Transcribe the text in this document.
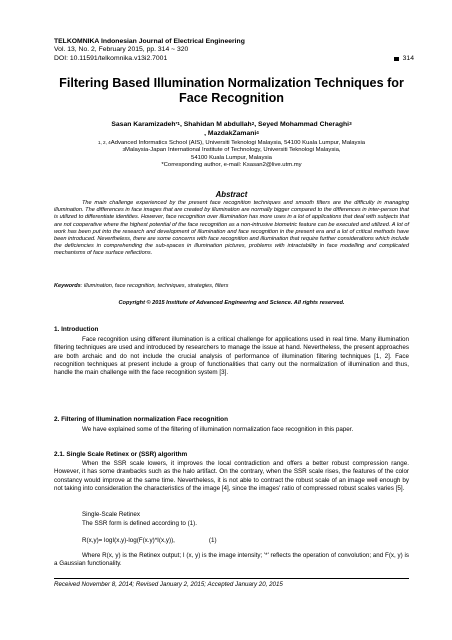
TELKOMNIKA Indonesian Journal of Electrical Engineering
Vol. 13, No. 2, February 2015, pp. 314 ~ 320
DOI: 10.11591/telkomnika.v13i2.7001	314
Filtering Based Illumination Normalization Techniques for Face Recognition
Sasan Karamizadeh$^{*1}$, Shahidan M abdullah$^2$, Seyed Mohammad Cheraghi$^3$
, MazdakZamani$^4$
$^{1, 2, 4}$Advanced Informatics School (AIS), Universiti Teknologi Malaysia, 54100 Kuala Lumpur, Malaysia
$^3$Malaysia-Japan International Institute of Technology, Universiti Teknologi Malaysia,
54100 Kuala Lumpur, Malaysia
*Corresponding author, e-mail: Ksasan2@live.utm.my
Abstract
The main challenge experienced by the present face recognition techniques and smooth filters are the difficulty in managing illumination. The differences in face images that are created by illumination are normally bigger compared to the differences in inter-person that is utilized to differentiate identities. However, face recognition over illumination has more uses in a lot of applications that deal with subjects that are not cooperative where the highest potential of the face recognition as a non-intrusive biometric feature can be executed and utilized. A lot of work has been put into the research and development of illumination and face recognition in the present era and a lot of critical methods have been introduced. Nevertheless, there are some concerns with face recognition and illumination that require further considerations which include the deficiencies in comprehending the sub-spaces in illumination pictures, problems with intractability in face modelling and complicated mechanisms of face surface reflections.
Keywords: illumination, face recognition, techniques, strategies, filters
Copyright © 2015 Institute of Advanced Engineering and Science. All rights reserved.
1. Introduction
Face recognition using different illumination is a critical challenge for applications used in real time. Many illumination filtering techniques are used and introduced by researchers to manage the issue at hand. Nevertheless, the present approaches are both archaic and do not include the crucial analysis of performance of illumination filtering techniques [1, 2]. Face recognition techniques at present include a group of functionalities that carry out the normalization of illumination and thus, handle the main challenge with the face recognition system [3].
2. Filtering of Illumination normalization Face recognition
We have explained some of the filtering of illumination normalization face recognition in this paper.
2.1. Single Scale Retinex or (SSR) algorithm
When the SSR scale lowers, it improves the local contradiction and offers a better robust compression range. However, it has some drawbacks such as the halo artifact. On the contrary, when the SSR scale rises, the features of the color constancy would improve at the same time. Nevertheless, it is not able to contract the robust scale of an image well enough by not taking into consideration the characteristics of the image [4], since the images' ratio of compressed robust scales varies [5].
Single-Scale Retinex
The SSR form is defined according to (1).
R(x,y)= logI(x,y)-log(F(x.y)*I(x,y)),	(1)
Where R(x, y) is the Retinex output; I (x, y) is the image intensity; '*' reflects the operation of convolution; and F(x, y) is a Gaussian functionality.
Received November 8, 2014; Revised January 2, 2015; Accepted January 20, 2015
